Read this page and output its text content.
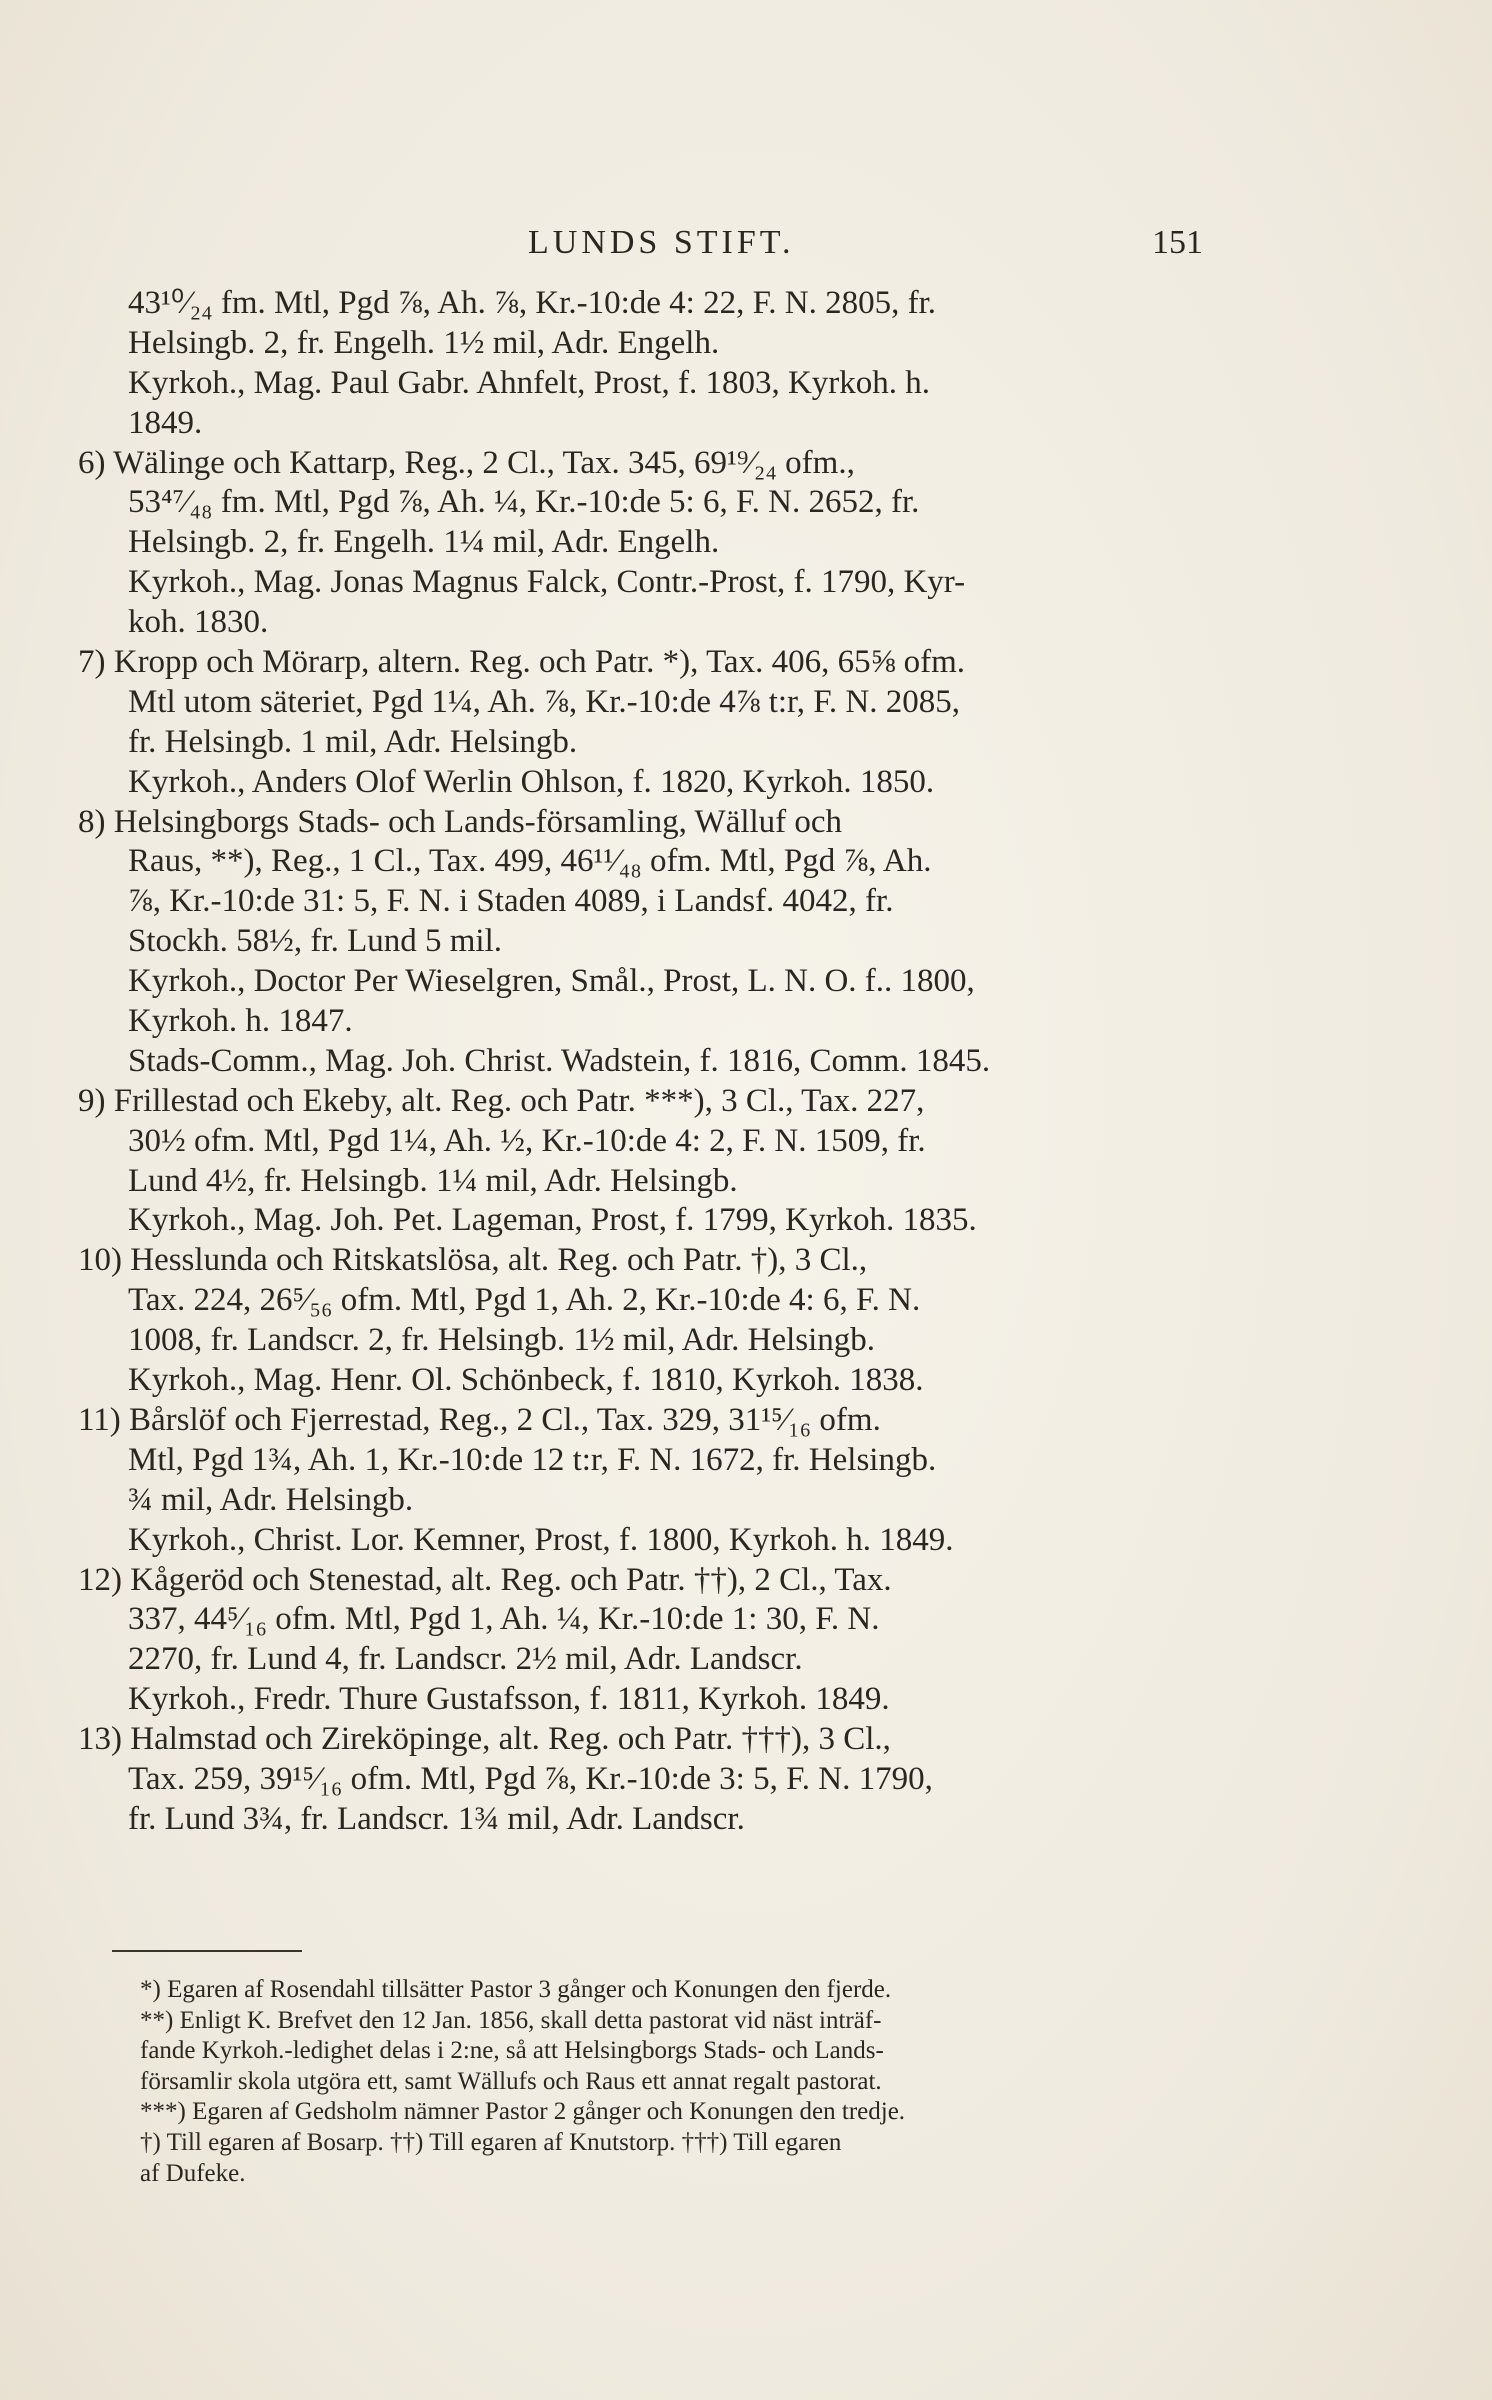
LUNDS STIFT.	151
43¹⁰⁄₂₄ fm. Mtl, Pgd ⅞, Ah. ⅞, Kr.-10:de 4: 22, F. N. 2805, fr.
Helsingb. 2, fr. Engelh. 1½ mil, Adr. Engelh.
Kyrkoh., Mag. Paul Gabr. Ahnfelt, Prost, f. 1803, Kyrkoh. h.
1849.
6) Wälinge och Kattarp, Reg., 2 Cl., Tax. 345, 69¹⁹⁄₂₄ ofm.,
53⁴⁷⁄₄₈ fm. Mtl, Pgd ⅞, Ah. ¼, Kr.-10:de 5: 6, F. N. 2652, fr.
Helsingb. 2, fr. Engelh. 1¼ mil, Adr. Engelh.
Kyrkoh., Mag. Jonas Magnus Falck, Contr.-Prost, f. 1790, Kyr-
koh. 1830.
7) Kropp och Mörarp, altern. Reg. och Patr. *), Tax. 406, 65⅝ ofm.
Mtl utom säteriet, Pgd 1¼, Ah. ⅞, Kr.-10:de 4⅞ t:r, F. N. 2085,
fr. Helsingb. 1 mil, Adr. Helsingb.
Kyrkoh., Anders Olof Werlin Ohlson, f. 1820, Kyrkoh. 1850.
8) Helsingborgs Stads- och Lands-församling, Wälluf och
Raus, **), Reg., 1 Cl., Tax. 499, 46¹¹⁄₄₈ ofm. Mtl, Pgd ⅞, Ah.
⅞, Kr.-10:de 31: 5, F. N. i Staden 4089, i Landsf. 4042, fr.
Stockh. 58½, fr. Lund 5 mil.
Kyrkoh., Doctor Per Wieselgren, Smål., Prost, L. N. O. f.. 1800,
Kyrkoh. h. 1847.
Stads-Comm., Mag. Joh. Christ. Wadstein, f. 1816, Comm. 1845.
9) Frillestad och Ekeby, alt. Reg. och Patr. ***), 3 Cl., Tax. 227,
30½ ofm. Mtl, Pgd 1¼, Ah. ½, Kr.-10:de 4: 2, F. N. 1509, fr.
Lund 4½, fr. Helsingb. 1¼ mil, Adr. Helsingb.
Kyrkoh., Mag. Joh. Pet. Lageman, Prost, f. 1799, Kyrkoh. 1835.
10) Hesslunda och Ritskatslösa, alt. Reg. och Patr. †), 3 Cl.,
Tax. 224, 26⁵⁄₅₆ ofm. Mtl, Pgd 1, Ah. 2, Kr.-10:de 4: 6, F. N.
1008, fr. Landscr. 2, fr. Helsingb. 1½ mil, Adr. Helsingb.
Kyrkoh., Mag. Henr. Ol. Schönbeck, f. 1810, Kyrkoh. 1838.
11) Bårslöf och Fjerrestad, Reg., 2 Cl., Tax. 329, 31¹⁵⁄₁₆ ofm.
Mtl, Pgd 1¾, Ah. 1, Kr.-10:de 12 t:r, F. N. 1672, fr. Helsingb.
¾ mil, Adr. Helsingb.
Kyrkoh., Christ. Lor. Kemner, Prost, f. 1800, Kyrkoh. h. 1849.
12) Kågeröd och Stenestad, alt. Reg. och Patr. ††), 2 Cl., Tax.
337, 44⁵⁄₁₆ ofm. Mtl, Pgd 1, Ah. ¼, Kr.-10:de 1: 30, F. N.
2270, fr. Lund 4, fr. Landscr. 2½ mil, Adr. Landscr.
Kyrkoh., Fredr. Thure Gustafsson, f. 1811, Kyrkoh. 1849.
13) Halmstad och Zireköpinge, alt. Reg. och Patr. †††), 3 Cl.,
Tax. 259, 39¹⁵⁄₁₆ ofm. Mtl, Pgd ⅞, Kr.-10:de 3: 5, F. N. 1790,
fr. Lund 3¾, fr. Landscr. 1¾ mil, Adr. Landscr.
*) Egaren af Rosendahl tillsätter Pastor 3 gånger och Konungen den fjerde.
**) Enligt K. Brefvet den 12 Jan. 1856, skall detta pastorat vid näst inträf-
fande Kyrkoh.-ledighet delas i 2:ne, så att Helsingborgs Stads- och Lands-
församlir skola utgöra ett, samt Wällufs och Raus ett annat regalt pastorat.
***) Egaren af Gedsholm nämner Pastor 2 gånger och Konungen den tredje.
†) Till egaren af Bosarp. ††) Till egaren af Knutstorp. †††) Till egaren
af Dufeke.
